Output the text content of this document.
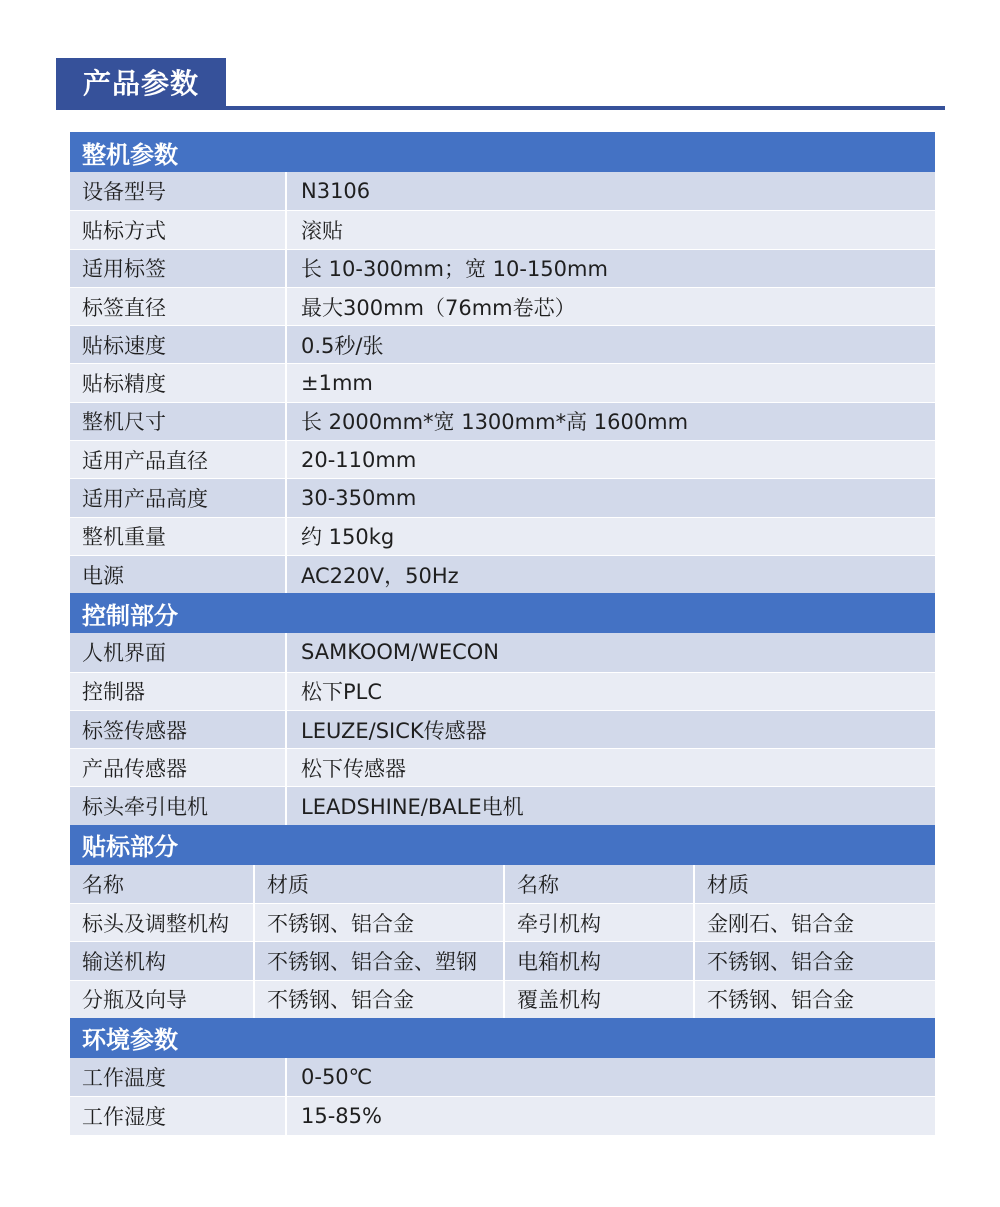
产品参数
整机参数
设备型号	N3106
贴标方式	滚贴
适用标签	长 10-300mm；宽 10-150mm
标签直径	最大300mm（76mm卷芯）
贴标速度	0.5秒/张
贴标精度	±1mm
整机尺寸	长 2000mm*宽 1300mm*高 1600mm
适用产品直径	20-110mm
适用产品高度	30-350mm
整机重量	约 150kg
电源	AC220V，50Hz
控制部分
人机界面	SAMKOOM/WECON
控制器	松下PLC
标签传感器	LEUZE/SICK传感器
产品传感器	松下传感器
标头牵引电机	LEADSHINE/BALE电机
贴标部分
名称	材质	名称	材质
标头及调整机构	不锈钢、铝合金	牵引机构	金刚石、铝合金
输送机构	不锈钢、铝合金、塑钢	电箱机构	不锈钢、铝合金
分瓶及向导	不锈钢、铝合金	覆盖机构	不锈钢、铝合金
环境参数
工作温度	0-50℃
工作湿度	15-85%
